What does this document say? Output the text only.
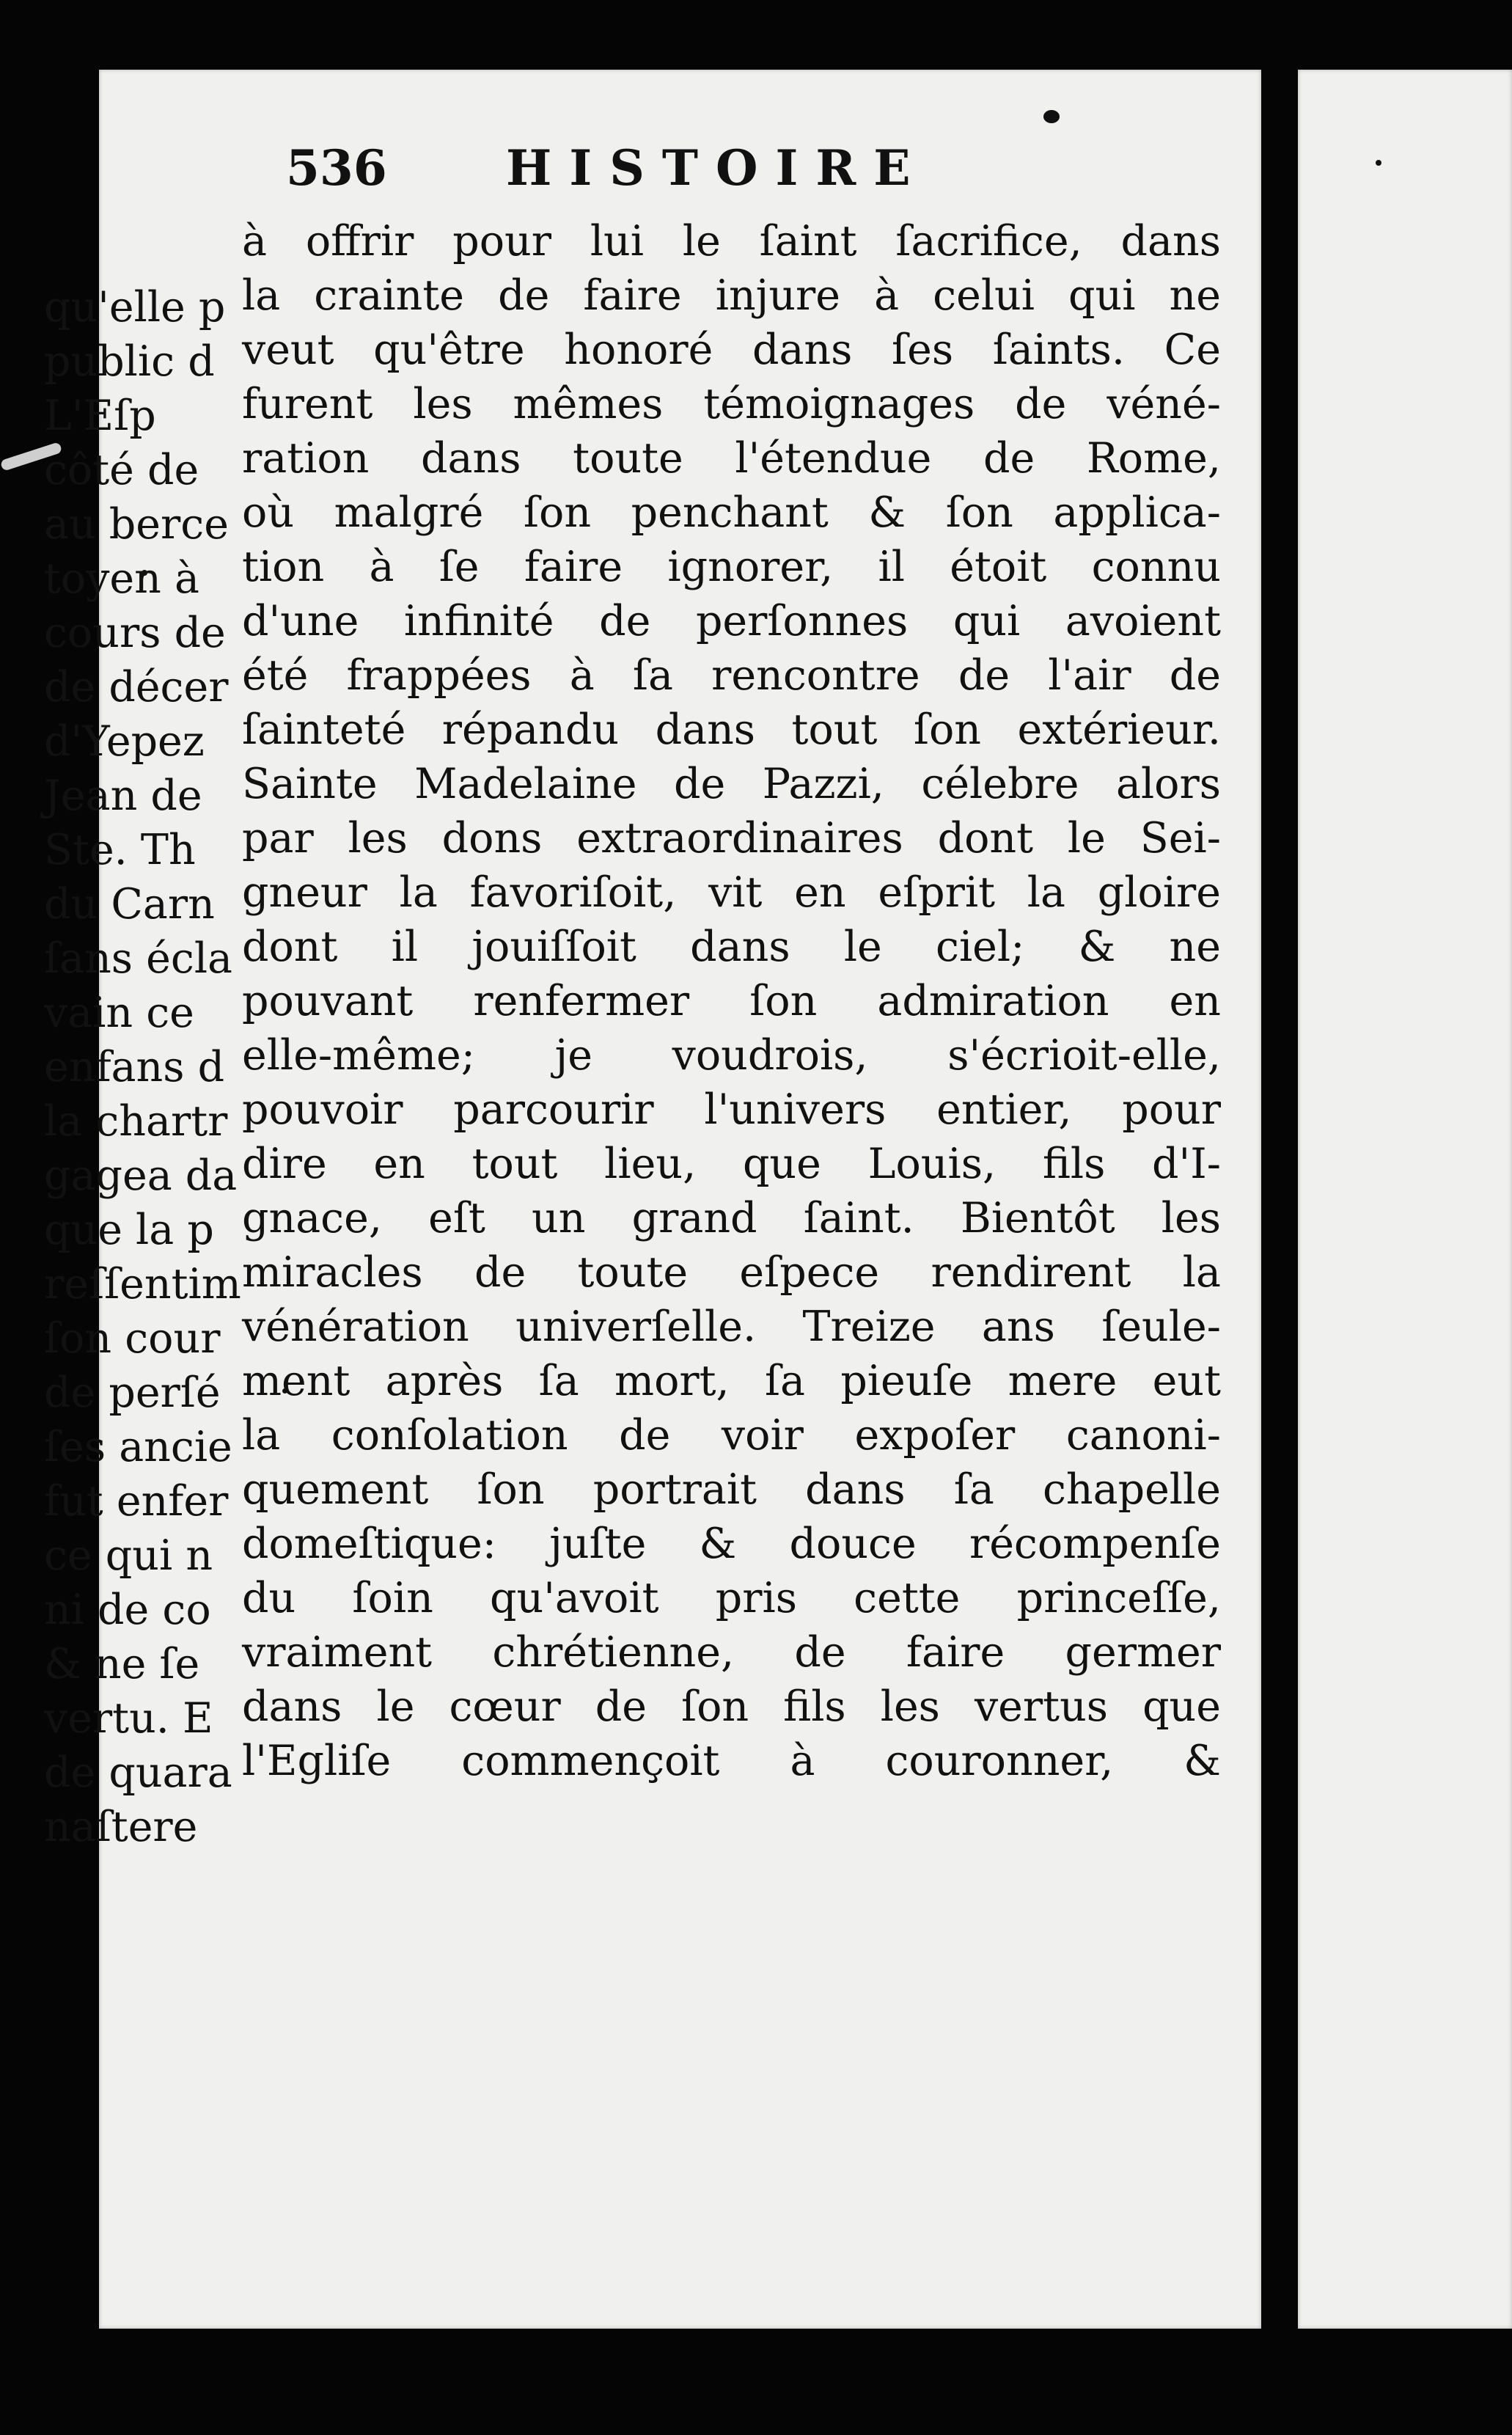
536 HISTOIRE
à offrir pour lui le ſaint ſacrifice, dans
la crainte de faire injure à celui qui ne
veut qu'être honoré dans ſes ſaints. Ce
furent les mêmes témoignages de véné-
ration dans toute l'étendue de Rome,
où malgré ſon penchant & ſon applica-
tion à ſe faire ignorer, il étoit connu
d'une infinité de perſonnes qui avoient
été frappées à ſa rencontre de l'air de
ſainteté répandu dans tout ſon extérieur.
Sainte Madelaine de Pazzi, célebre alors
par les dons extraordinaires dont le Sei-
gneur la favoriſoit, vit en eſprit la gloire
dont il jouiſſoit dans le ciel; & ne
pouvant renfermer ſon admiration en
elle-même; je voudrois, s'écrioit-elle,
pouvoir parcourir l'univers entier, pour
dire en tout lieu, que Louis, fils d'I-
gnace, eſt un grand ſaint. Bientôt les
miracles de toute eſpece rendirent la
vénération univerſelle. Treize ans ſeule-
ment après ſa mort, ſa pieuſe mere eut
la conſolation de voir expoſer canoni-
quement ſon portrait dans ſa chapelle
domeſtique: juſte & douce récompenſe
du ſoin qu'avoit pris cette princeſſe,
vraiment chrétienne, de faire germer
dans le cœur de ſon fils les vertus que
l'Egliſe commençoit à couronner, &
qu'elle p
public d
L'Eſp
côté de
au berce
toyen à
cours de
de décer
d'Yepez
Jean de
Ste. Th
du Carn
ſans écla
vain ce
enfans d
la chartr
gagea da
que la p
reſſentim
ſon cour
de perſé
ſes ancie
fut enfer
ce qui n
ni de co
& ne ſe
vertu. E
de quara
naſtere
